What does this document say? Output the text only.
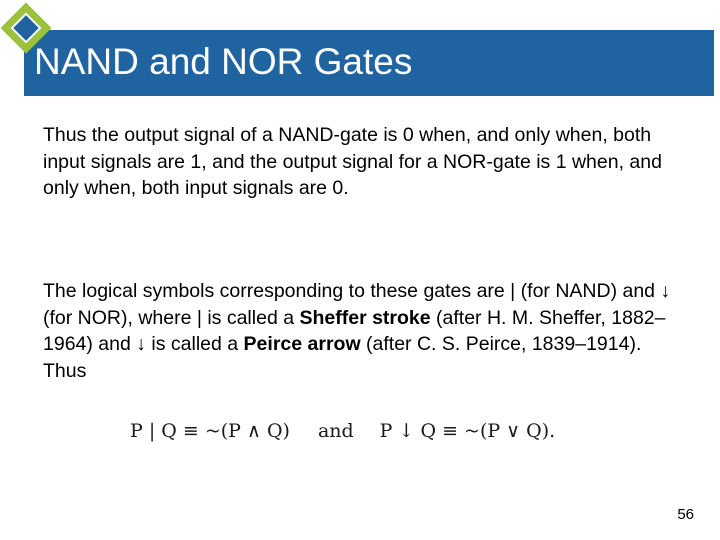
NAND and NOR Gates
Thus the output signal of a NAND-gate is 0 when, and only when, both input signals are 1, and the output signal for a NOR-gate is 1 when, and only when, both input signals are 0.
The logical symbols corresponding to these gates are | (for NAND) and ↓ (for NOR), where | is called a Sheffer stroke (after H. M. Sheffer, 1882–1964) and ↓ is called a Peirce arrow (after C. S. Peirce, 1839–1914). Thus
P | Q ≡ ~(P ∧ Q) and P ↓ Q ≡ ~(P ∨ Q).
56
